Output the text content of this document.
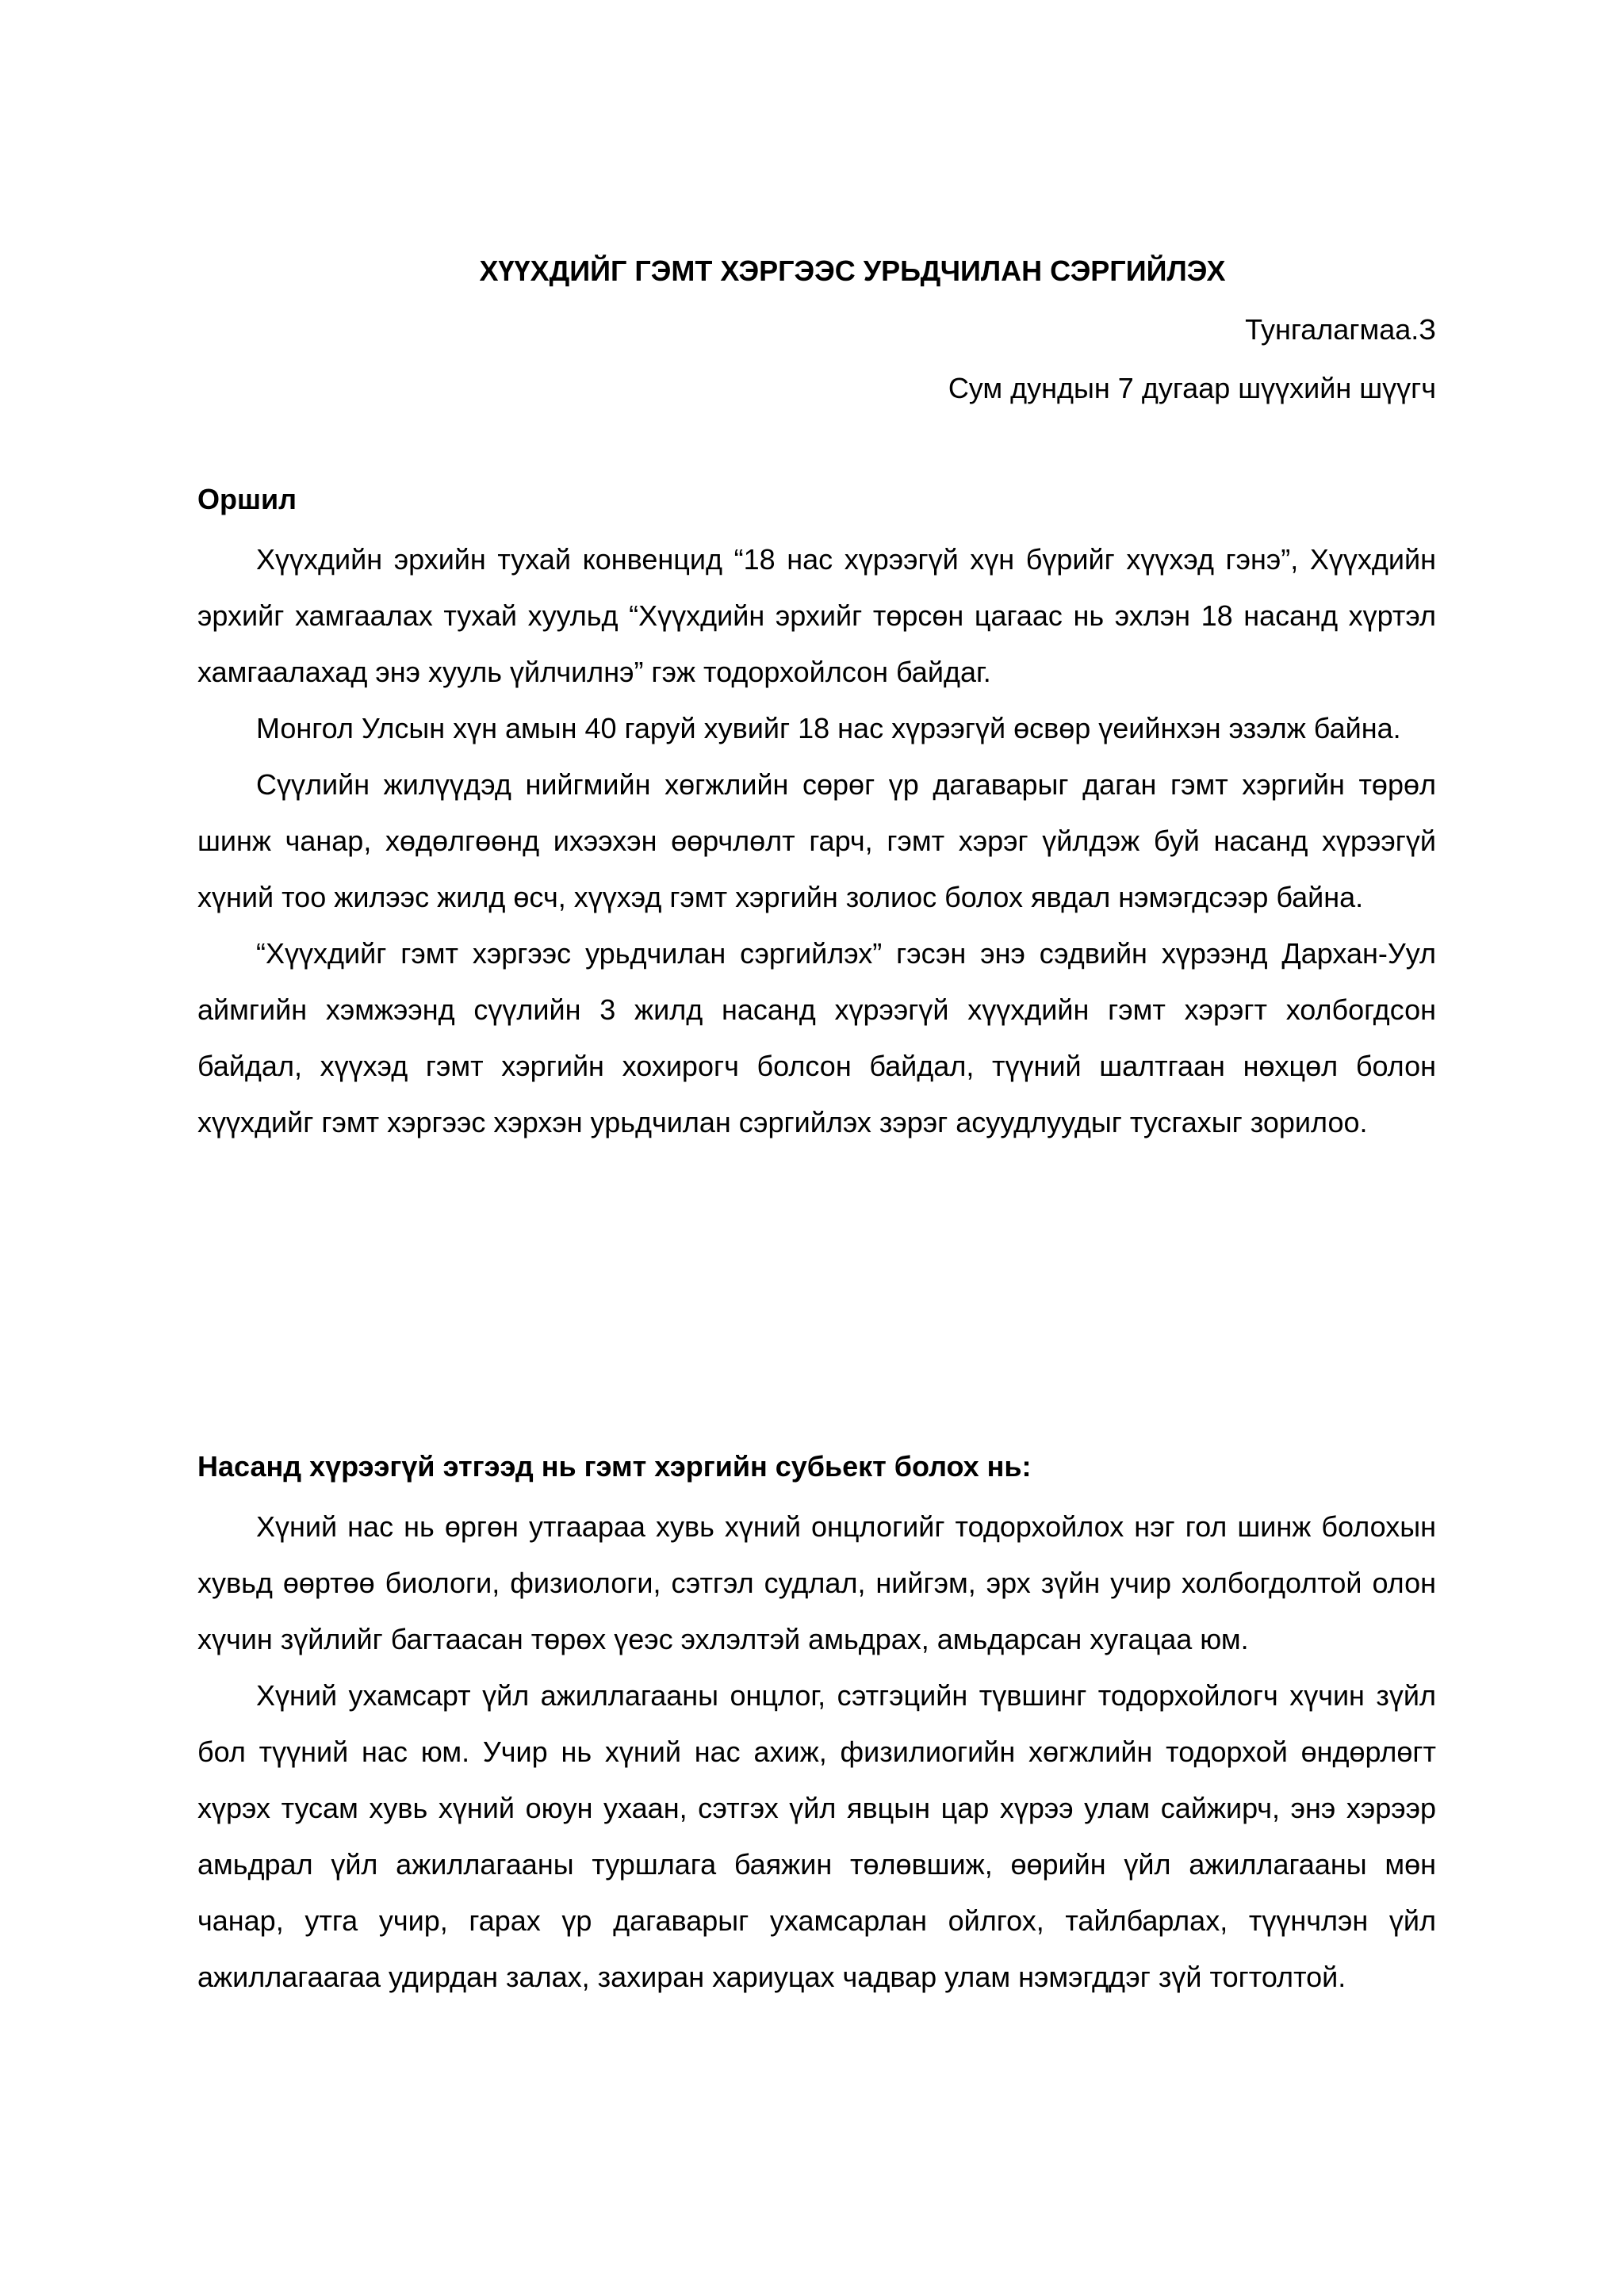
ХҮҮХДИЙГ ГЭМТ ХЭРГЭЭС УРЬДЧИЛАН СЭРГИЙЛЭХ

Тунгалагмаа.З

Сум дундын 7 дугаар шүүхийн шүүгч

Оршил

Хүүхдийн эрхийн тухай конвенцид “18 нас хүрээгүй хүн бүрийг хүүхэд гэнэ”, Хүүхдийн эрхийг хамгаалах тухай хуульд “Хүүхдийн эрхийг төрсөн цагаас нь эхлэн 18 насанд хүртэл хамгаалахад энэ хууль үйлчилнэ” гэж тодорхойлсон байдаг.

Монгол Улсын хүн амын 40 гаруй хувийг 18 нас хүрээгүй өсвөр үеийнхэн эзэлж байна.

Сүүлийн жилүүдэд нийгмийн хөгжлийн сөрөг үр дагаварыг даган гэмт хэргийн төрөл шинж чанар, хөдөлгөөнд ихээхэн өөрчлөлт гарч, гэмт хэрэг үйлдэж буй насанд хүрээгүй хүний тоо жилээс жилд өсч, хүүхэд гэмт хэргийн золиос болох явдал нэмэгдсээр байна.

“Хүүхдийг гэмт хэргээс урьдчилан сэргийлэх” гэсэн энэ сэдвийн хүрээнд Дархан-Уул аймгийн хэмжээнд сүүлийн 3 жилд насанд хүрээгүй хүүхдийн гэмт хэрэгт холбогдсон байдал, хүүхэд гэмт хэргийн хохирогч болсон байдал, түүний шалтгаан нөхцөл болон хүүхдийг гэмт хэргээс хэрхэн урьдчилан сэргийлэх зэрэг асуудлуудыг тусгахыг зорилоо.

Насанд хүрээгүй этгээд нь гэмт хэргийн субьект болох нь:

Хүний нас нь өргөн утгаараа хувь хүний онцлогийг тодорхойлох нэг гол шинж болохын хувьд өөртөө биологи, физиологи, сэтгэл судлал, нийгэм, эрх зүйн учир холбогдолтой олон хүчин зүйлийг багтаасан төрөх үеэс эхлэлтэй амьдрах, амьдарсан хугацаа юм.

Хүний ухамсарт үйл ажиллагааны онцлог, сэтгэцийн түвшинг тодорхойлогч хүчин зүйл бол түүний нас юм. Учир нь хүний нас ахиж, физилиогийн хөгжлийн тодорхой өндөрлөгт хүрэх тусам хувь хүний оюун ухаан, сэтгэх үйл явцын цар хүрээ улам сайжирч, энэ хэрээр амьдрал үйл ажиллагааны туршлага баяжин төлөвшиж, өөрийн үйл ажиллагааны мөн чанар, утга учир, гарах үр дагаварыг ухамсарлан ойлгох, тайлбарлах, түүнчлэн үйл ажиллагаагаа удирдан залах, захиран хариуцах чадвар улам нэмэгддэг зүй тогтолтой.
